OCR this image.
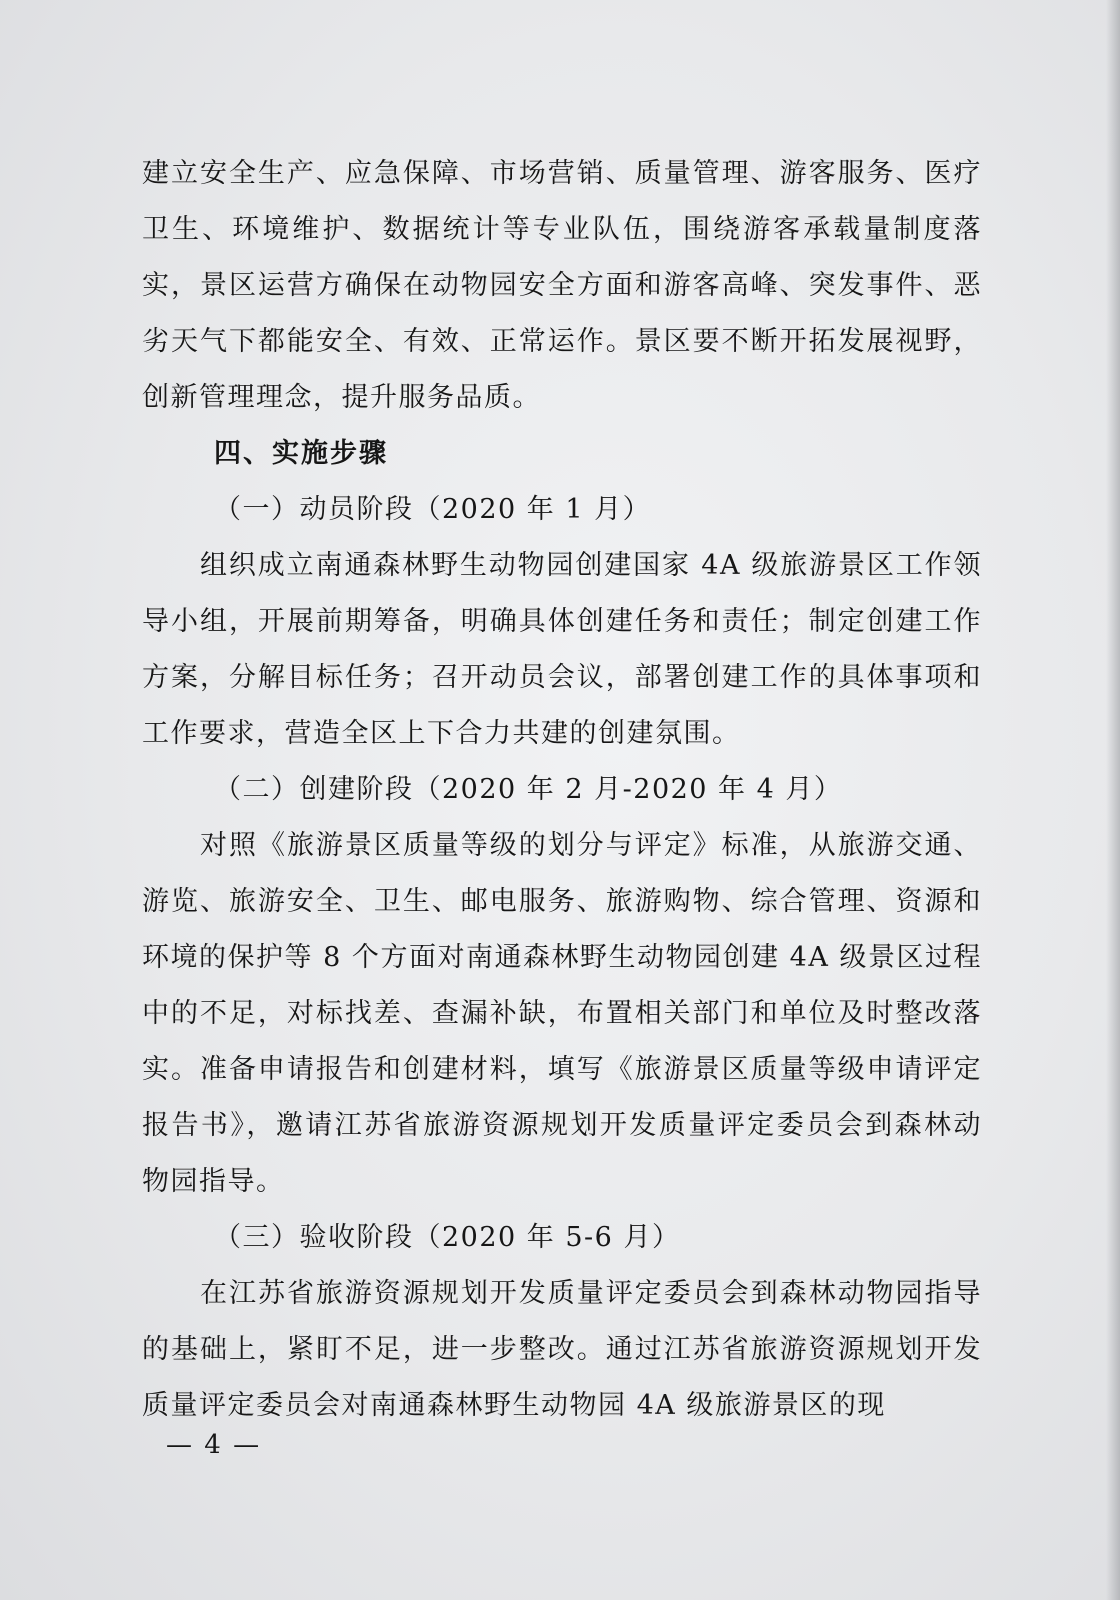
建立安全生产、应急保障、市场营销、质量管理、游客服务、医疗卫生、环境维护、数据统计等专业队伍，围绕游客承载量制度落实，景区运营方确保在动物园安全方面和游客高峰、突发事件、恶劣天气下都能安全、有效、正常运作。景区要不断开拓发展视野，创新管理理念，提升服务品质。

四、实施步骤

（一）动员阶段（2020 年 1 月）

组织成立南通森林野生动物园创建国家 4A 级旅游景区工作领导小组，开展前期筹备，明确具体创建任务和责任；制定创建工作方案，分解目标任务；召开动员会议，部署创建工作的具体事项和工作要求，营造全区上下合力共建的创建氛围。

（二）创建阶段（2020 年 2 月-2020 年 4 月）

对照《旅游景区质量等级的划分与评定》标准，从旅游交通、游览、旅游安全、卫生、邮电服务、旅游购物、综合管理、资源和环境的保护等 8 个方面对南通森林野生动物园创建 4A 级景区过程中的不足，对标找差、查漏补缺，布置相关部门和单位及时整改落实。准备申请报告和创建材料，填写《旅游景区质量等级申请评定报告书》，邀请江苏省旅游资源规划开发质量评定委员会到森林动物园指导。

（三）验收阶段（2020 年 5-6 月）

在江苏省旅游资源规划开发质量评定委员会到森林动物园指导的基础上，紧盯不足，进一步整改。通过江苏省旅游资源规划开发质量评定委员会对南通森林野生动物园 4A 级旅游景区的现

— 4 —
